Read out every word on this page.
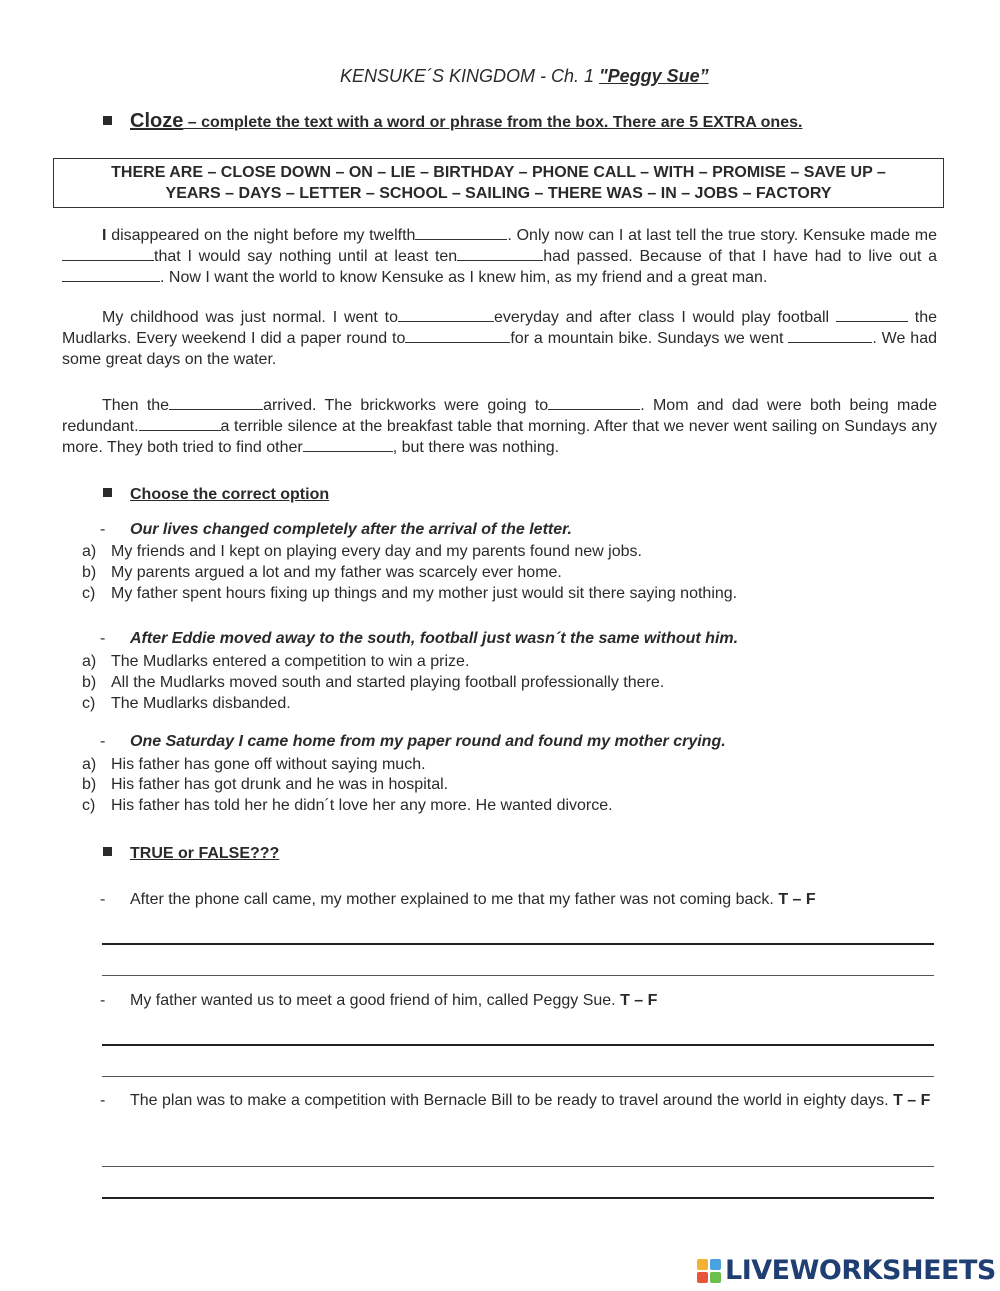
KENSUKE´S KINGDOM - Ch. 1 "Peggy Sue”
Cloze – complete the text with a word or phrase from the box. There are 5 EXTRA ones.
THERE ARE – CLOSE DOWN – ON – LIE – BIRTHDAY – PHONE CALL – WITH – PROMISE – SAVE UP –
YEARS – DAYS – LETTER – SCHOOL – SAILING – THERE WAS – IN – JOBS – FACTORY

I disappeared on the night before my twelfth	. Only now can I at last tell the true story. Kensuke made methat I would say nothing until at least ten	had passed. Because of that I have had to live out a. Now I want the world to know Kensuke as I knew him, as my friend and a great man.

My childhood was just normal. I went to	everyday and after class I would play football	the Mudlarks. Every weekend I did a paper round to	for a mountain bike. Sundays we went	. We had some great days on the water.

Then the	arrived. The brickworks were going to	. Mom and dad were both being made redundant.	a terrible silence at the breakfast table that morning. After that we never went sailing on Sundays any more. They both tried to find other	, but there was nothing.

Choose the correct option
- Our lives changed completely after the arrival of the letter.
a) My friends and I kept on playing every day and my parents found new jobs.
b) My parents argued a lot and my father was scarcely ever home.
c) My father spent hours fixing up things and my mother just would sit there saying nothing.
- After Eddie moved away to the south, football just wasn´t the same without him.
a) The Mudlarks entered a competition to win a prize.
b) All the Mudlarks moved south and started playing football professionally there.
c) The Mudlarks disbanded.
- One Saturday I came home from my paper round and found my mother crying.
a) His father has gone off without saying much.
b) His father has got drunk and he was in hospital.
c) His father has told her he didn´t love her any more. He wanted divorce.
TRUE or FALSE???
- After the phone call came, my mother explained to me that my father was not coming back. T – F
- My father wanted us to meet a good friend of him, called Peggy Sue. T – F
- The plan was to make a competition with Bernacle Bill to be ready to travel around the world in eighty days. T – F
LIVEWORKSHEETS
